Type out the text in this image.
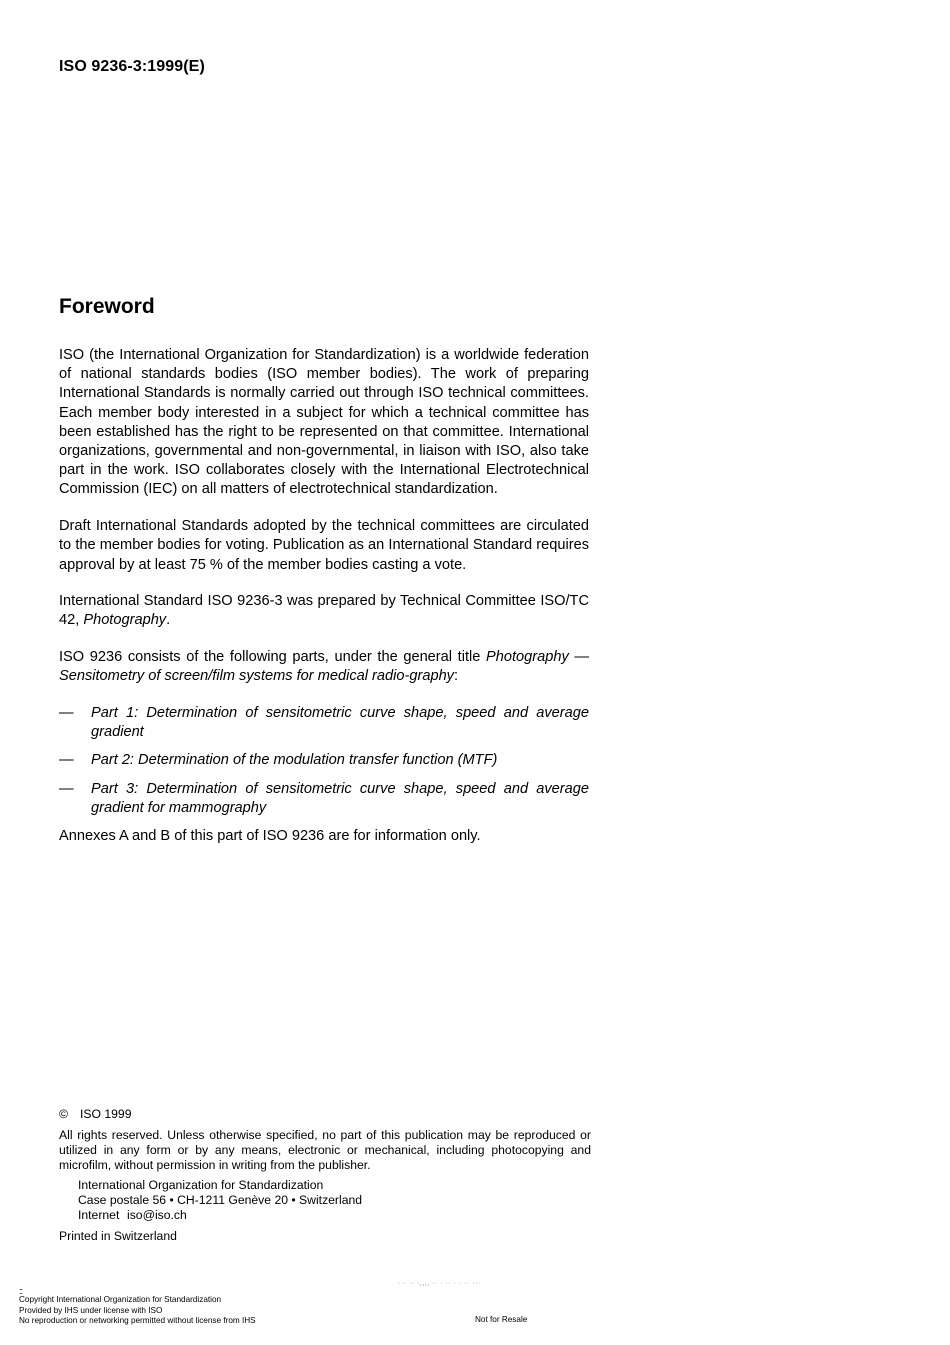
ISO 9236-3:1999(E)
Foreword

ISO (the International Organization for Standardization) is a worldwide federation of national standards bodies (ISO member bodies). The work of preparing International Standards is normally carried out through ISO technical committees. Each member body interested in a subject for which a technical committee has been established has the right to be represented on that committee. International organizations, governmental and non-governmental, in liaison with ISO, also take part in the work. ISO collaborates closely with the International Electrotechnical Commission (IEC) on all matters of electrotechnical standardization.

Draft International Standards adopted by the technical committees are circulated to the member bodies for voting. Publication as an International Standard requires approval by at least 75 % of the member bodies casting a vote.

International Standard ISO 9236-3 was prepared by Technical Committee ISO/TC 42, Photography.

ISO 9236 consists of the following parts, under the general title Photography — Sensitometry of screen/film systems for medical radio-graphy:

— Part 1: Determination of sensitometric curve shape, speed and average gradient
— Part 2: Determination of the modulation transfer function (MTF)
— Part 3: Determination of sensitometric curve shape, speed and average gradient for mammography

Annexes A and B of this part of ISO 9236 are for information only.

© ISO 1999
All rights reserved. Unless otherwise specified, no part of this publication may be reproduced or utilized in any form or by any means, electronic or mechanical, including photocopying and microfilm, without permission in writing from the publisher.
International Organization for Standardization
Case postale 56 • CH-1211 Genève 20 • Switzerland
Internet iso@iso.ch
Printed in Switzerland
··· ·· ·,,,, ·· · ·· · · ·· ···
::
Copyright International Organization for Standardization
Provided by IHS under license with ISO
No reproduction or networking permitted without license from IHS	Not for Resale
